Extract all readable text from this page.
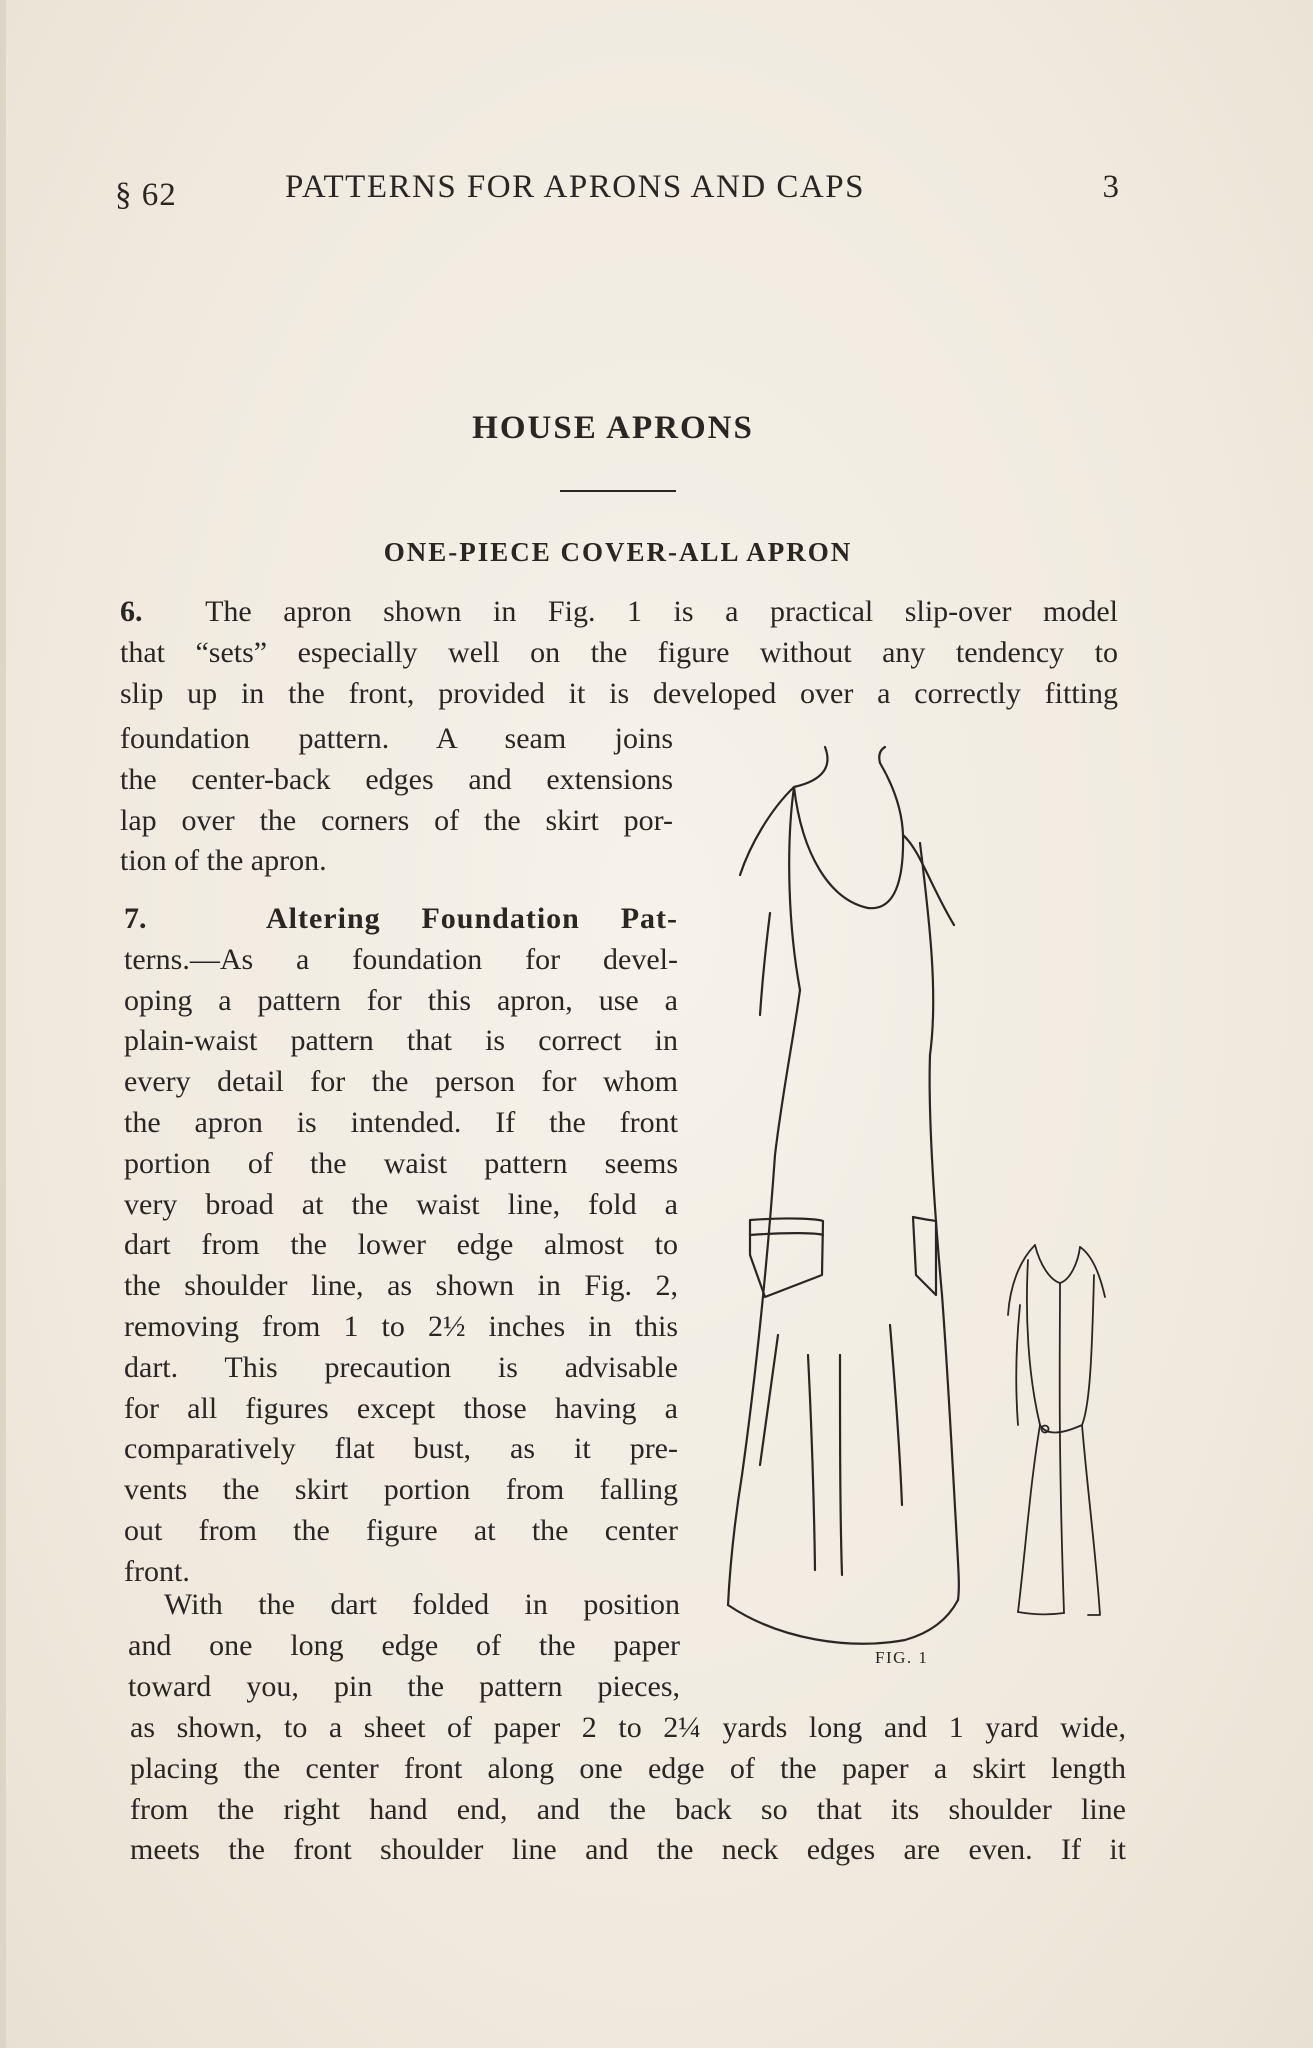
§ 62	PATTERNS FOR APRONS AND CAPS	3
HOUSE APRONS
ONE-PIECE COVER-ALL APRON
6. The apron shown in Fig. 1 is a practical slip-over model
that “sets” especially well on the figure without any tendency to
slip up in the front, provided it is developed over a correctly fitting
foundation pattern. A seam joins
the center-back edges and extensions
lap over the corners of the skirt por-
tion of the apron.
7.	Altering Foundation Pat-
terns.—As a foundation for devel-
oping a pattern for this apron, use a
plain-waist pattern that is correct in
every detail for the person for whom
the apron is intended. If the front
portion of the waist pattern seems
very broad at the waist line, fold a
dart from the lower edge almost to
the shoulder line, as shown in Fig. 2,
removing from 1 to 2½ inches in this
dart. This precaution is advisable
for all figures except those having a
comparatively flat bust, as it pre-
vents the skirt portion from falling
out from the figure at the center
front.
With the dart folded in position
and one long edge of the paper
toward you, pin the pattern pieces,
as shown, to a sheet of paper 2 to 2¼ yards long and 1 yard wide,
placing the center front along one edge of the paper a skirt length
from the right hand end, and the back so that its shoulder line
meets the front shoulder line and the neck edges are even. If it
FIG. 1
